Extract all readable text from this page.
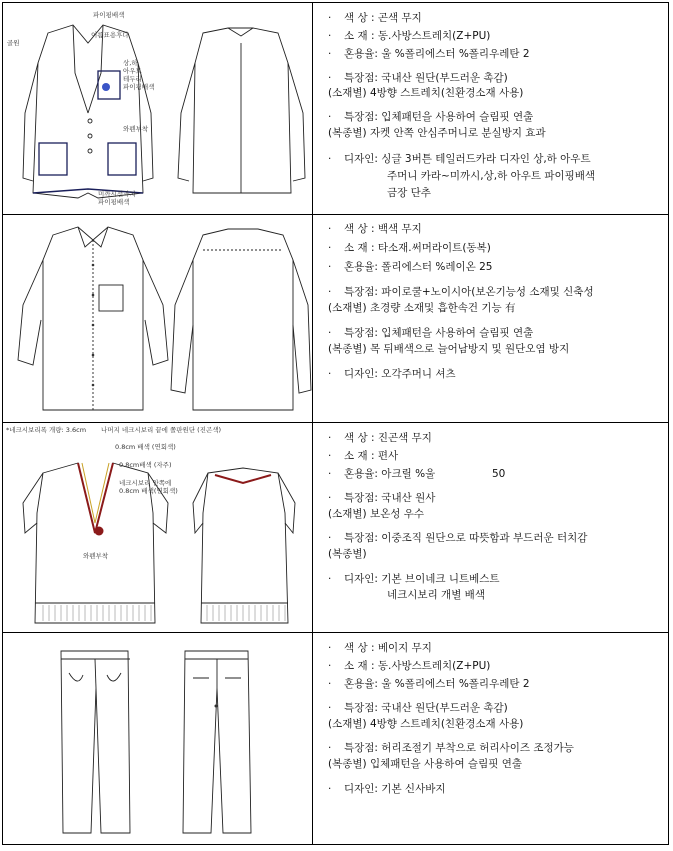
파이핑배색
이름표용후다
골원
상,하
아우트
테두리
파이핑배색
와펜부착
미까시선과치
파이핑배색
· 색 상 : 곤색 무지
· 소 재 : 동.사방스트레치(Z+PU)
· 혼용율: 울 %폴리에스터 %폴리우레탄 2
· 특장점: 국내산 원단(부드러운 촉감)
(소재별) 4방향 스트레치(친환경소재 사용)
· 특장점: 입체패턴을 사용하여 슬림핏 연출
(복종별) 자켓 안쪽 안심주머니로 분실방지 효과
· 디자인: 싱글 3버튼 테일러드카라 디자인 상,하 아우트
주머니 카라~미까시,상,하 아우트 파이핑배색
금장 단추
· 색 상 : 백색 무지
· 소 재 : 타소재.써머라이트(동복)
· 혼용율: 폴리에스터 %레이온 25
· 특장점: 파이로쿨+노이시아(보온기능성 소재및 신축성
(소재별) 초경량 소재및 흡한속건 기능 有
· 특장점: 입체패턴을 사용하여 슬림핏 연출
(복종별) 목 뒤배색으로 늘어남방지 및 원단오염 방지
· 디자인: 오각주머니 셔츠
*네크시보리폭 개량: 3.6cm 나머지 네크시보리 끝에 쫄판원단 (진곤색)
0.8cm 배색 (연회색)
0.8cm배색 (자주)
네크시보리 안쪽에
0.8cm 배색(연회색)
와펜부착
· 색 상 : 진곤색 무지
· 소 재 : 편사
· 혼용율: 아크릴 %울	50
· 특장점: 국내산 원사
(소재별) 보온성 우수
· 특장점: 이중조직 원단으로 따뜻함과 부드러운 터치감
(복종별)
· 디자인: 기본 브이네크 니트베스트
네크시보리 개별 배색
· 색 상 : 베이지 무지
· 소 재 : 동.사방스트레치(Z+PU)
· 혼용율: 울 %폴리에스터 %폴리우레탄 2
· 특장점: 국내산 원단(부드러운 촉감)
(소재별) 4방향 스트레치(친환경소재 사용)
· 특장점: 허리조절기 부착으로 허리사이즈 조정가능
(복종별) 입체패턴을 사용하여 슬림핏 연출
· 디자인: 기본 신사바지
